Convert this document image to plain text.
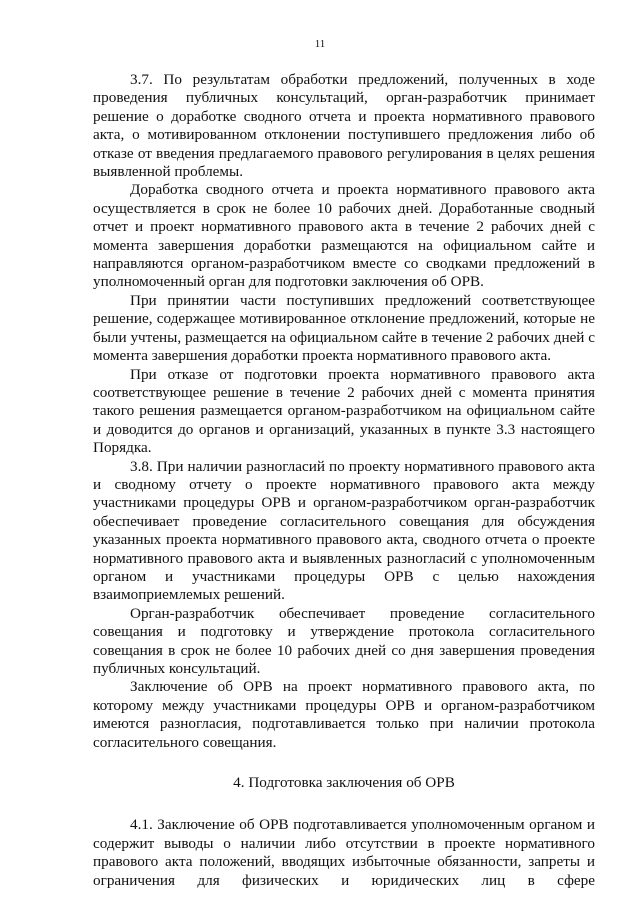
11

3.7. По результатам обработки предложений, полученных в ходе проведения публичных консультаций, орган-разработчик принимает решение о доработке сводного отчета и проекта нормативного правового акта, о мотивированном отклонении поступившего предложения либо об отказе от введения предлагаемого правового регулирования в целях решения выявленной проблемы.

Доработка сводного отчета и проекта нормативного правового акта осуществляется в срок не более 10 рабочих дней. Доработанные сводный отчет и проект нормативного правового акта в течение 2 рабочих дней с момента завершения доработки размещаются на официальном сайте и направляются органом-разработчиком вместе со сводками предложений в уполномоченный орган для подготовки заключения об ОРВ.

При принятии части поступивших предложений соответствующее решение, содержащее мотивированное отклонение предложений, которые не были учтены, размещается на официальном сайте в течение 2 рабочих дней с момента завершения доработки проекта нормативного правового акта.

При отказе от подготовки проекта нормативного правового акта соответствующее решение в течение 2 рабочих дней с момента принятия такого решения размещается органом-разработчиком на официальном сайте и доводится до органов и организаций, указанных в пункте 3.3 настоящего Порядка.

3.8. При наличии разногласий по проекту нормативного правового акта и сводному отчету о проекте нормативного правового акта между участниками процедуры ОРВ и органом-разработчиком орган-разработчик обеспечивает проведение согласительного совещания для обсуждения указанных проекта нормативного правового акта, сводного отчета о проекте нормативного правового акта и выявленных разногласий с уполномоченным органом и участниками процедуры ОРВ с целью нахождения взаимоприемлемых решений.

Орган-разработчик обеспечивает проведение согласительного совещания и подготовку и утверждение протокола согласительного совещания в срок не более 10 рабочих дней со дня завершения проведения публичных консультаций.

Заключение об ОРВ на проект нормативного правового акта, по которому между участниками процедуры ОРВ и органом-разработчиком имеются разногласия, подготавливается только при наличии протокола согласительного совещания.

4. Подготовка заключения об ОРВ

4.1. Заключение об ОРВ подготавливается уполномоченным органом и содержит выводы о наличии либо отсутствии в проекте нормативного правового акта положений, вводящих избыточные обязанности, запреты и ограничения для физических и юридических лиц в сфере
